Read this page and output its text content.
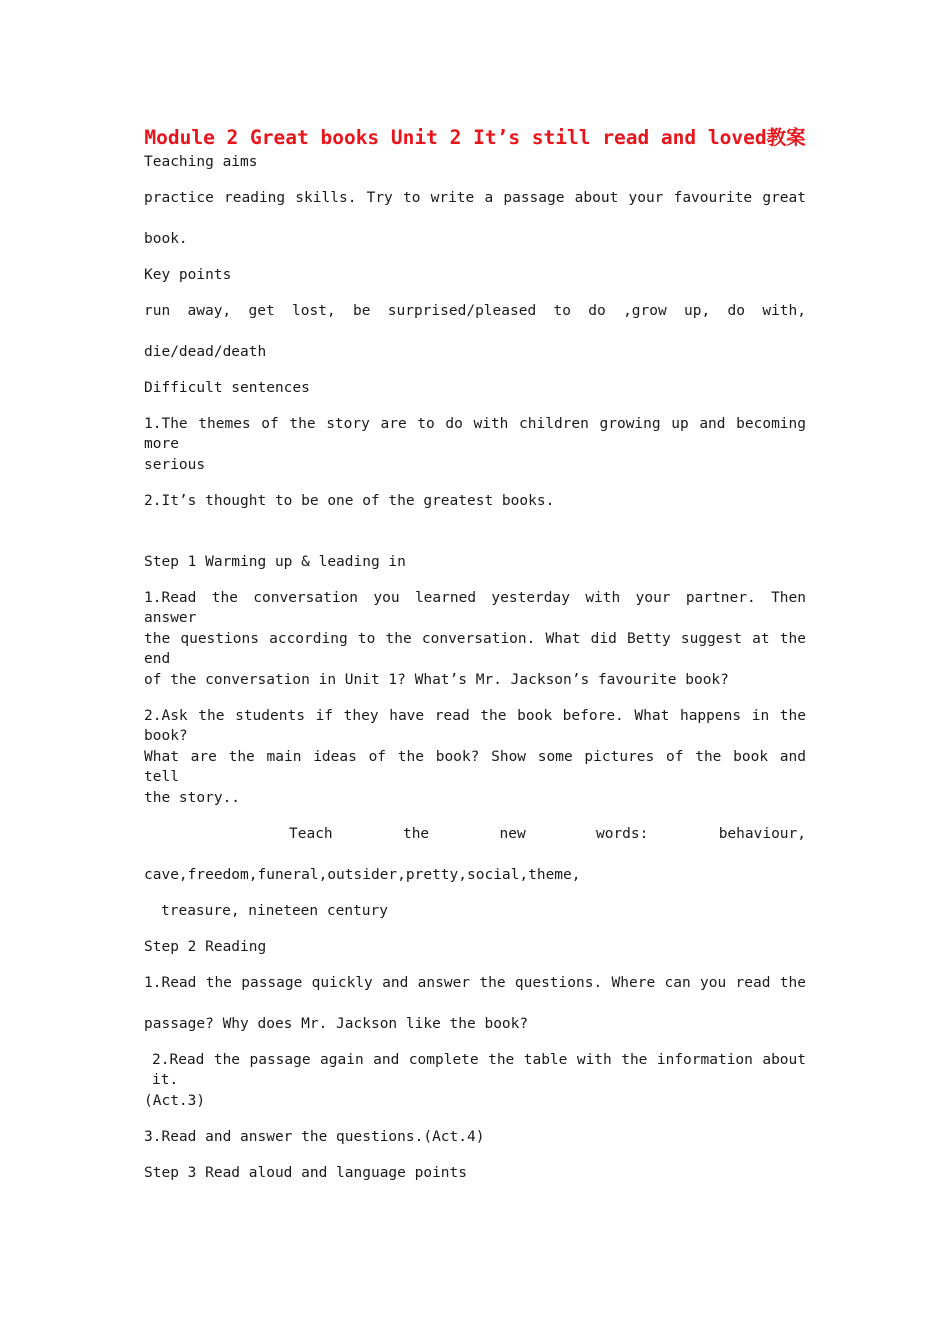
Module 2 Great books Unit 2 It’s still read and loved教案
Teaching aims
practice reading skills. Try to write a passage about your favourite great
book.
Key points
run away, get lost, be surprised/pleased to do ,grow up, do with,
die/dead/death
Difficult sentences
1.The themes of the story are to do with children growing up and becoming more
serious
2.It’s thought to be one of the greatest books.
Step 1 Warming up & leading in
1.Read the conversation you learned yesterday with your partner. Then answer
the questions according to the conversation. What did Betty suggest at the end
of the conversation in Unit 1? What’s Mr. Jackson’s favourite book?
2.Ask the students if they have read the book before. What happens in the book?
What are the main ideas of the book? Show some pictures of the book and tell
the story..
Teach the new words: behaviour,
cave,freedom,funeral,outsider,pretty,social,theme,
treasure, nineteen century
Step 2 Reading
1.Read the passage quickly and answer the questions. Where can you read the
passage? Why does Mr. Jackson like the book?
2.Read the passage again and complete the table with the information about it.
(Act.3)
3.Read and answer the questions.(Act.4)
Step 3 Read aloud and language points
